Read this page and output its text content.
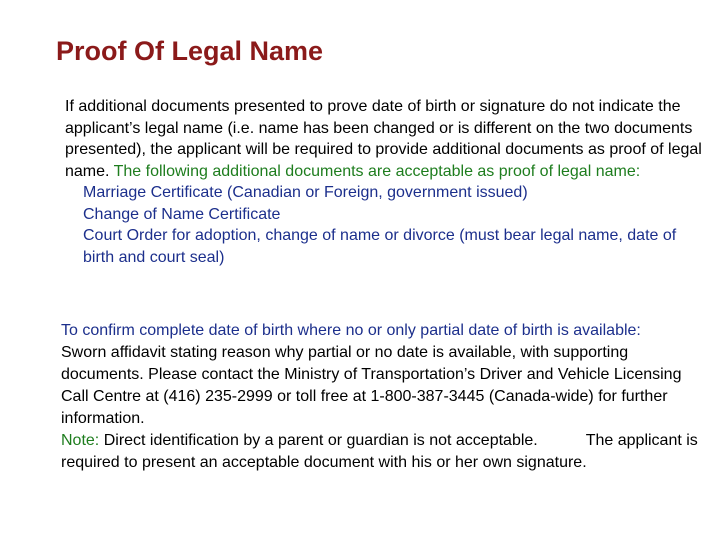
Proof Of Legal Name
If additional documents presented to prove date of birth or signature do not indicate the applicant’s legal name (i.e. name has been changed or is different on the two documents presented), the applicant will be required to provide additional documents as proof of legal name. The following additional documents are acceptable as proof of legal name:
Marriage Certificate (Canadian or Foreign, government issued)
Change of Name Certificate
Court Order for adoption, change of name or divorce (must bear legal name, date of birth and court seal)
To confirm complete date of birth where no or only partial date of birth is available:
Sworn affidavit stating reason why partial or no date is available, with supporting documents. Please contact the Ministry of Transportation’s Driver and Vehicle Licensing Call Centre at (416) 235-2999 or toll free at 1-800-387-3445 (Canada-wide) for further information.
Note: Direct identification by a parent or guardian is not acceptable.	The applicant is required to present an acceptable document with his or her own signature.
